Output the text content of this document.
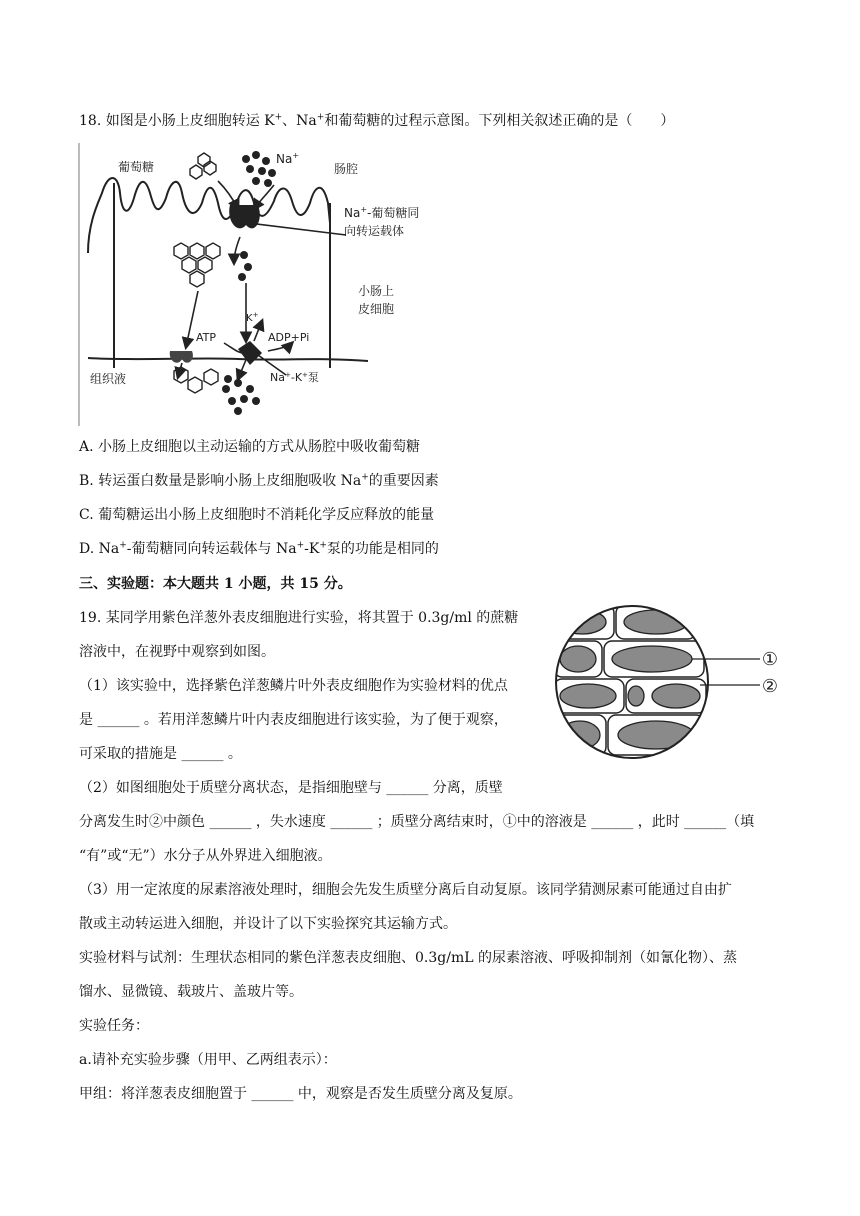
18. 如图是小肠上皮细胞转运 K+、Na+和葡萄糖的过程示意图。下列相关叙述正确的是（　　）
葡萄糖
Na+
肠腔
Na+-葡萄糖同
向转运载体
小肠上
皮细胞
K+
ATP	ADP+Pi
组织液	Na+-K+泵
A. 小肠上皮细胞以主动运输的方式从肠腔中吸收葡萄糖
B. 转运蛋白数量是影响小肠上皮细胞吸收 Na+的重要因素
C. 葡萄糖运出小肠上皮细胞时不消耗化学反应释放的能量
D. Na+-葡萄糖同向转运载体与 Na+-K+泵的功能是相同的
三、实验题：本大题共 1 小题，共 15 分。
19. 某同学用紫色洋葱外表皮细胞进行实验，将其置于 0.3g/ml 的蔗糖
溶液中，在视野中观察到如图。
（1）该实验中，选择紫色洋葱鳞片叶外表皮细胞作为实验材料的优点
是 ______ 。若用洋葱鳞片叶内表皮细胞进行该实验，为了便于观察，
可采取的措施是 ______ 。
（2）如图细胞处于质壁分离状态，是指细胞壁与 ______ 分离，质壁
分离发生时②中颜色 ______ ，失水速度 ______ ；质壁分离结束时，①中的溶液是 ______ ，此时 ______（填
“有”或“无”）水分子从外界进入细胞液。
（3）用一定浓度的尿素溶液处理时，细胞会先发生质壁分离后自动复原。该同学猜测尿素可能通过自由扩
散或主动转运进入细胞，并设计了以下实验探究其运输方式。
实验材料与试剂：生理状态相同的紫色洋葱表皮细胞、0.3g/mL 的尿素溶液、呼吸抑制剂（如氰化物）、蒸
馏水、显微镜、载玻片、盖玻片等。
实验任务：
a.请补充实验步骤（用甲、乙两组表示）：
甲组：将洋葱表皮细胞置于 ______ 中，观察是否发生质壁分离及复原。
①
②
